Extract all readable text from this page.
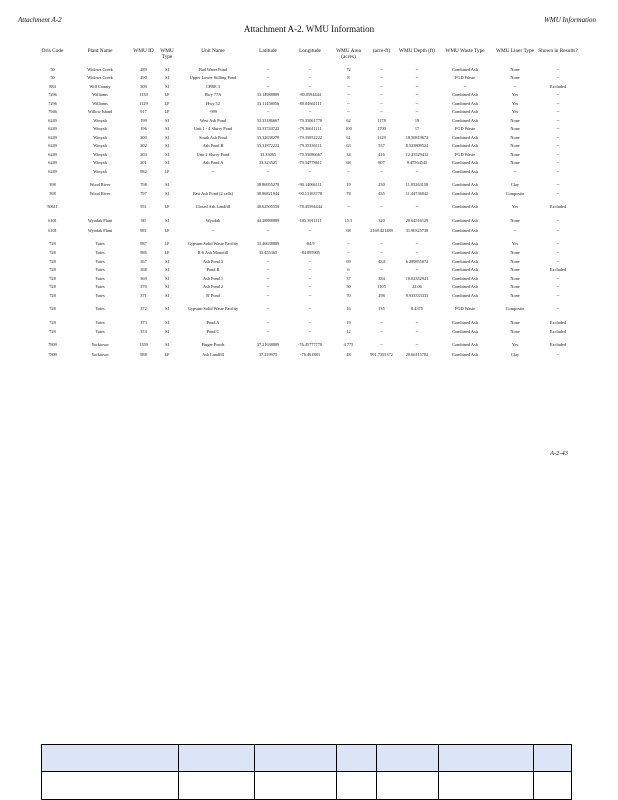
Attachment A-2	WMU Information
Attachment A-2. WMU Information
Oris Code	Plant Name	WMU ID	WMU Type	Unit Name	Latitude	Longitude	WMU Area (acres)	(acre-ft)	WMU Depth (ft)	WMU Waste Type	WMU Liner Type	Shown in Results?
50	Widows Creek	289	SI	Bad Water Pond	--	--	72	--	--	Combined Ash	None	--
50	Widows Creek	290	SI	Upper Lower Stilling Pond	--	--	8	--	--	FGD Waste	None	--
884	Will County	309	SI	CPRE 3	--	--	--	--	--	--	--	Excluded
7296	Williams	1130	LF	Hwy 77A	33.14988889	-80.0594444	--	--	--	Combined Ash	Yes	--
7296	Williams	1129	LF	Hwy 52	33.11458056	-80.04661111	--	--	--	Combined Ash	Yes	--
7946	Willow Island	917	LF	-999	--	--	--	--	--	Combined Ash	Yes	--
6249	Winyah	199	SI	West Ash Pond	33.33186667	-79.35061778	62	1178	19	Combined Ash	None	--
6249	Winyah	196	SI	Unit 1 - 4 Slurry Pond	33.33744722	-79.36611111	100	1700	17	FGD Waste	None	--
6249	Winyah	200	SI	South Ash Pond	33.32638278	-79.35052222	61	1129	18.50819672	Combined Ash	None	--
6249	Winyah	202	SI	Ash Pond B	33.31872222	-79.35336111	63	557	8.523809524	Combined Ash	None	--
6249	Winyah	203	SI	Unit 2 Slurry Pond	33.33065	-79.35086667	34	416	12.23529412	FGD Waste	None	--
6249	Winyah	201	SI	Ash Pond A	33.323525	-79.34778611	68	807	9.47564545	Combined Ash	None	--
6249	Winyah	982	LF	--	--	--	--	--	--	Combined Ash	--	--
398	Wood River	798	SI		38.86955278	-90.14066111	19	230	11.05263158	Combined Ash	Clay	--
398	Wood River	797	SI	East Ash Pond (2 cells)	38.86821944	-90.13163778	78	435	11.44736842	Combined Ash	Composite	--
50611		951	LF	Closed Ash Landfill	40.62505556	-78.45594444	--	--	--	Combined Ash	Yes	Excluded
6101	Wyodak Plant	80	SI	Wyodak	44.28888889	-105.3911111	15.5	320	20.64516129	Combined Ash	None	--
6101	Wyodak Plant	981	LF	--	--	--	68	2169.421489	31.90325738	Combined Ash	--	--
728	Yates	987	LF	Gypsum Solid Waste Facility	33.46638889	-84.9	--	--	--	Combined Ash	Yes	--
728	Yates	986	LF	R-6 Ash Monofill	33.455365	-84.895905	--	--	--	Combined Ash	None	--
728	Yates	367	SI	Ash Pond 3	--	--	69	434	6.289855072	Combined Ash	None	--
728	Yates	368	SI	Pond B	--	--	6	--	--	Combined Ash	None	Excluded
728	Yates	369	SI	Ash Pond 1	--	--	37	384	10.02352941	Combined Ash	None	--
728	Yates	370	SI	Ash Pond 2	--	--	50	1105	22.06	Combined Ash	None	--
728	Yates	371	SI	B' Pond	--	--	70	298	9.933333333	Combined Ash	None	--
728	Yates	372	SI	Gypsum Solid Waste Facility	--	--	16	135	8.4375	FGD Waste	Composite	--
728	Yates	373	SI	Pond A	--	--	19	--	--	Combined Ash	None	Excluded
728	Yates	374	SI	Pond C	--	--	12	--	--	Combined Ash	None	Excluded
7809	Yorktown	1359	SI	Finger Ponds	37.21638889	-76.45777778	4.775	--	--	Combined Ash	Yes	Excluded
7809	Yorktown	988	LF	Ash Landfill	37.219975	-76.461883	48	991.7355372	20.66115702	Combined Ash	Clay	--
A-2-43
